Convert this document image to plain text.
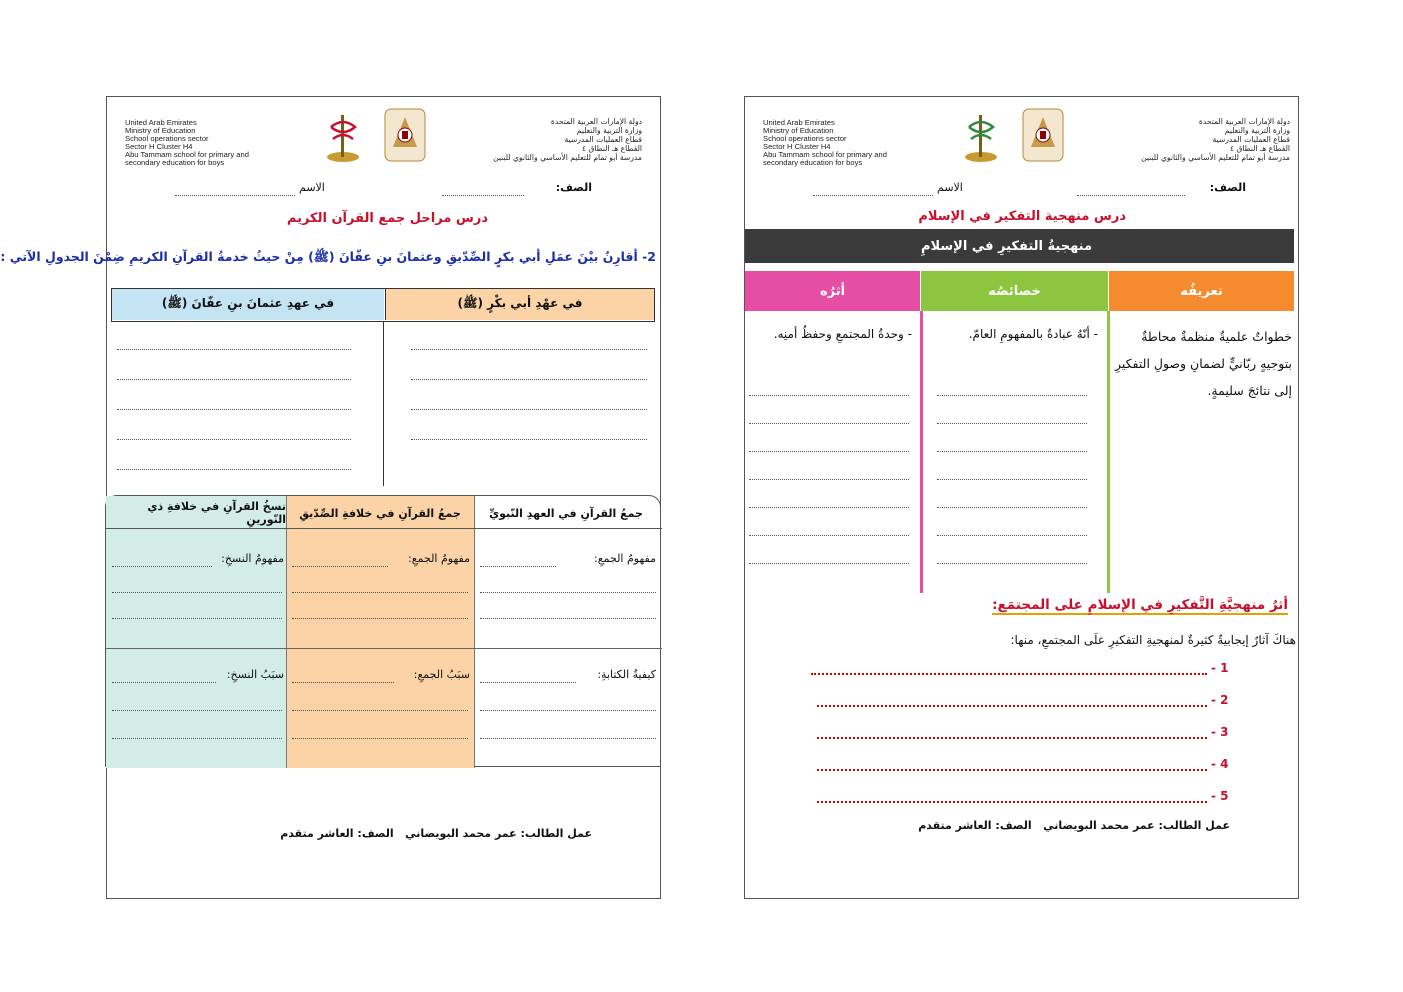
United Arab Emirates
Ministry of Education
School operations sector
Sector H Cluster H4
Abu Tammam school for primary and
secondary education for boys
دولة الإمارات العربية المتحدة
وزارة التربية والتعليم
قطاع العمليات المدرسية
القطاع هـ النطاق ٤
مدرسة أبو تمام للتعليم الأساسي والثانوي للبنين
الصف:
الاسم
درس مراحل جمع القرآن الكريم
2- أقارِنُ بيْنَ عمَلِ أبي بكرٍ الصِّدّيقِ وعثمانَ بنِ عفّانَ (ﷺ) مِنْ حيثُ خدمةُ القرآنِ الكريمِ ضِمْنَ الجدولِ الآتي :
في عهدِ عثمانَ بنِ عفّانَ (ﷺ)	في عهْدِ أبي بكْرٍ (ﷺ)
جمعُ القرآنِ في العهدِ النّبويِّ
جمعُ القرآنِ في خلافةِ الصِّدّيقِ
نسخُ القرآنِ في خلافةِ ذي النّورينِ
مفهومُ الجمعِ:
مفهومُ الجمعِ:
مفهومُ النسخِ:
كيفيةُ الكتابةِ:
سبَبُ الجمعِ:
سبَبُ النسخِ:
عمل الطالب: عمر محمد البويضاني   الصف: العاشر متقدم
United Arab Emirates
Ministry of Education
School operations sector
Sector H Cluster H4
Abu Tammam school for primary and
secondary education for boys
دولة الإمارات العربية المتحدة
وزارة التربية والتعليم
قطاع العمليات المدرسية
القطاع هـ النطاق ٤
مدرسة أبو تمام للتعليم الأساسي والثانوي للبنين
الصف:
الاسم
درس منهجية التفكير في الإسلام
منهجيةُ التفكيرِ في الإسلامِ
تعريفُه
خصائصُه
أثرُه
خطواتٌ علميةٌ منظمةٌ محاطةٌ بتوجيهٍ ربّانيٍّ لضمانِ وصولِ التفكيرِ إلى نتائجَ سليمةٍ.
- أنّهُ عبادةٌ بالمفهومِ العامّ.
- وحدةُ المجتمعِ وحفظُ أمنِه.
أثرُ منهجيَّةِ التَّفكيرِ في الإسلامِ على المجتمَع:
هناكَ آثارٌ إيجابيةٌ كثيرةٌ لمنهجيةِ التفكيرِ علَى المجتمعِ، منها:
- 1
- 2
- 3
- 4
- 5
عمل الطالب: عمر محمد البويضاني   الصف: العاشر متقدم
